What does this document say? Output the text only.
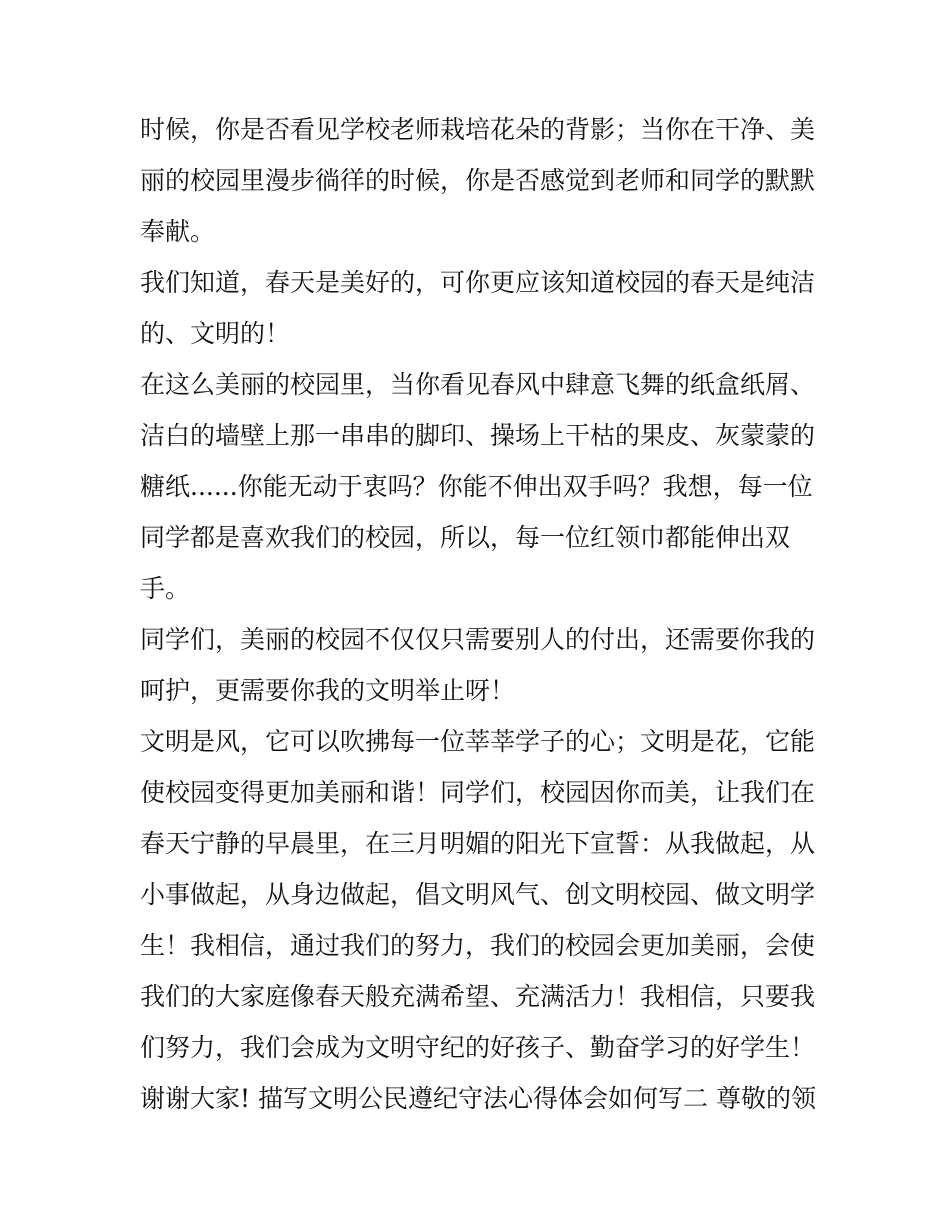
时候，你是否看见学校老师栽培花朵的背影；当你在干净、美
丽的校园里漫步徜徉的时候，你是否感觉到老师和同学的默默
奉献。
我们知道，春天是美好的，可你更应该知道校园的春天是纯洁
的、文明的！
在这么美丽的校园里，当你看见春风中肆意飞舞的纸盒纸屑、
洁白的墙壁上那一串串的脚印、操场上干枯的果皮、灰蒙蒙的
糖纸......你能无动于衷吗？你能不伸出双手吗？我想，每一位
同学都是喜欢我们的校园，所以，每一位红领巾都能伸出双
手。
同学们，美丽的校园不仅仅只需要别人的付出，还需要你我的
呵护，更需要你我的文明举止呀！
文明是风，它可以吹拂每一位莘莘学子的心；文明是花，它能
使校园变得更加美丽和谐！同学们，校园因你而美，让我们在
春天宁静的早晨里，在三月明媚的阳光下宣誓：从我做起，从
小事做起，从身边做起，倡文明风气、创文明校园、做文明学
生！我相信，通过我们的努力，我们的校园会更加美丽，会使
我们的大家庭像春天般充满希望、充满活力！我相信，只要我
们努力，我们会成为文明守纪的好孩子、勤奋学习的好学生！
谢谢大家! 描写文明公民遵纪守法心得体会如何写二 尊敬的领
